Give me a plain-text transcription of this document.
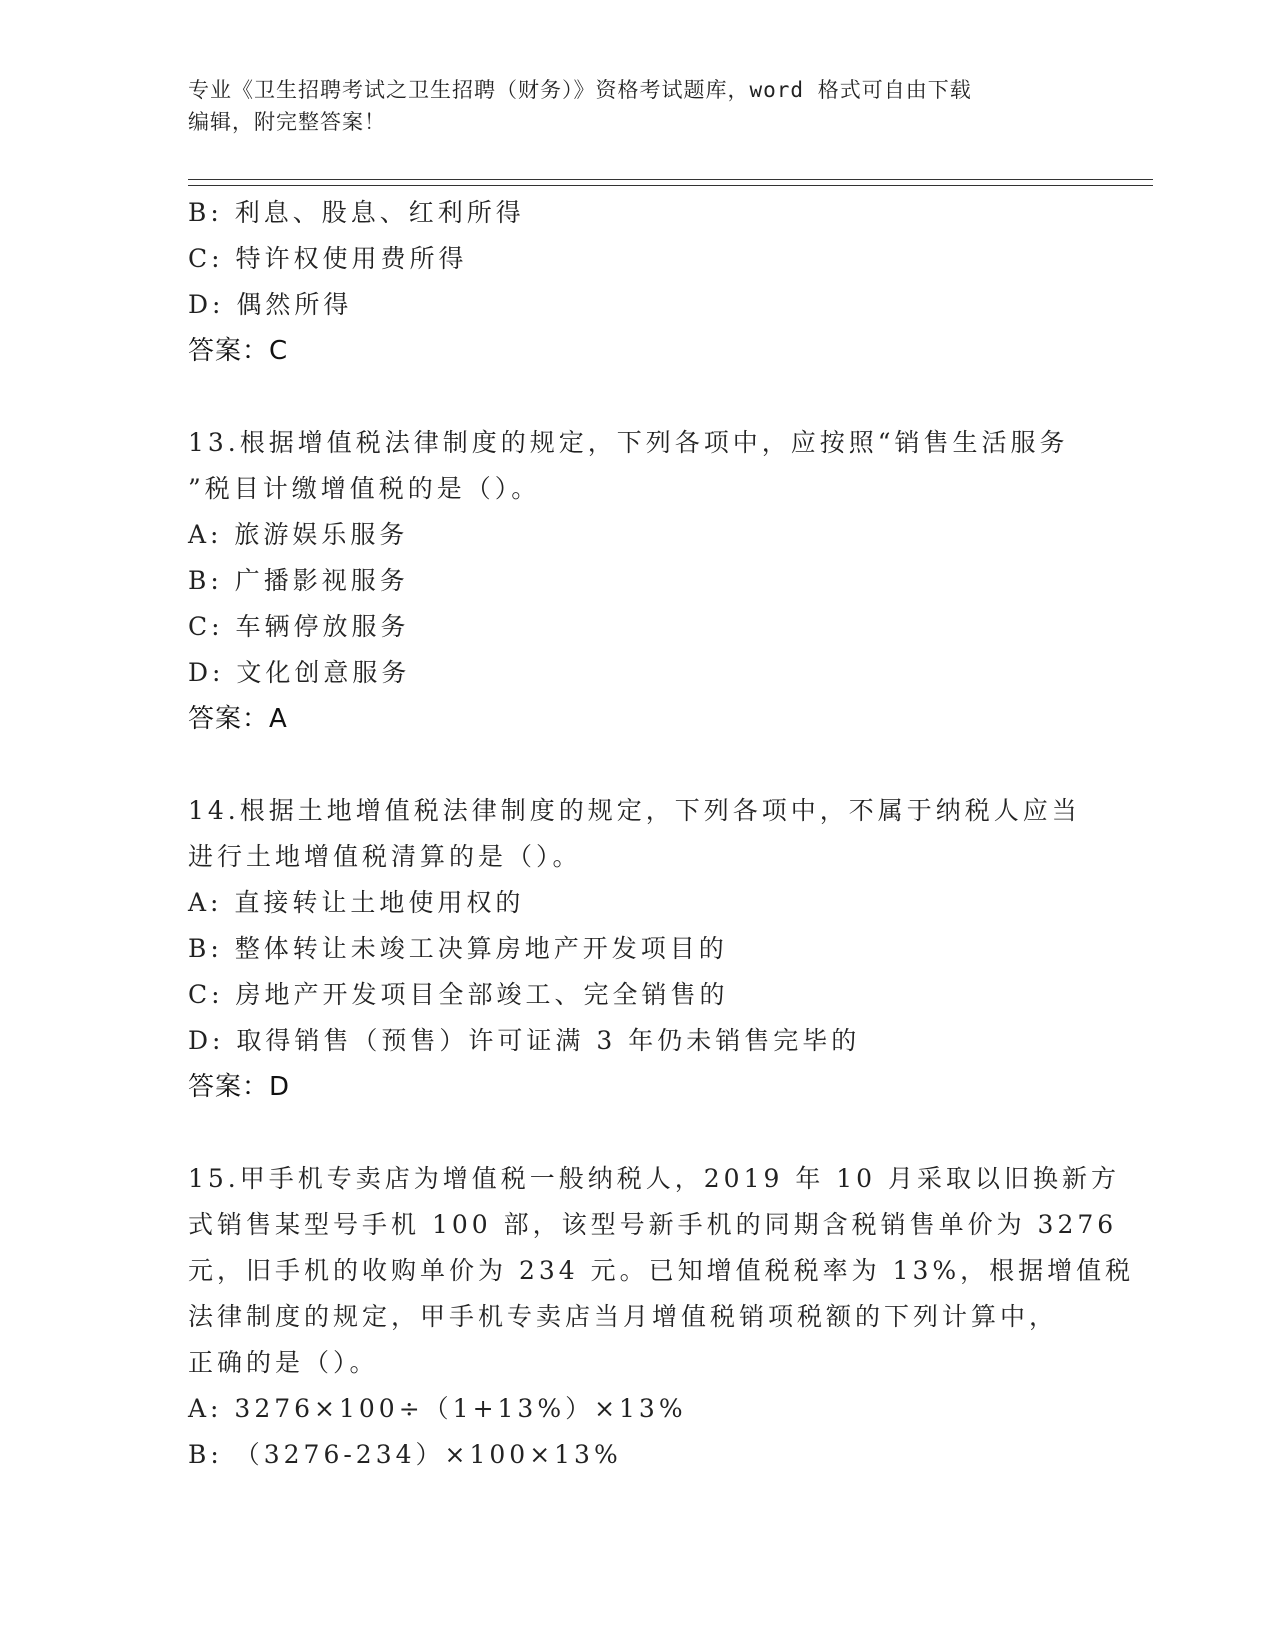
专业《卫生招聘考试之卫生招聘（财务）》资格考试题库，word 格式可自由下载
编辑，附完整答案！
B: 利息、股息、红利所得
C: 特许权使用费所得
D: 偶然所得
答案：C
13.根据增值税法律制度的规定，下列各项中，应按照“销售生活服务
”税目计缴增值税的是（）。
A: 旅游娱乐服务
B: 广播影视服务
C: 车辆停放服务
D: 文化创意服务
答案：A
14.根据土地增值税法律制度的规定，下列各项中，不属于纳税人应当
进行土地增值税清算的是（）。
A: 直接转让土地使用权的
B: 整体转让未竣工决算房地产开发项目的
C: 房地产开发项目全部竣工、完全销售的
D: 取得销售（预售）许可证满 3 年仍未销售完毕的
答案：D
15.甲手机专卖店为增值税一般纳税人，2019 年 10 月采取以旧换新方
式销售某型号手机 100 部，该型号新手机的同期含税销售单价为 3276
元，旧手机的收购单价为 234 元。已知增值税税率为 13%，根据增值税
法律制度的规定，甲手机专卖店当月增值税销项税额的下列计算中，
正确的是（）。
A: 3276×100÷（1+13%）×13%
B: （3276-234）×100×13%
